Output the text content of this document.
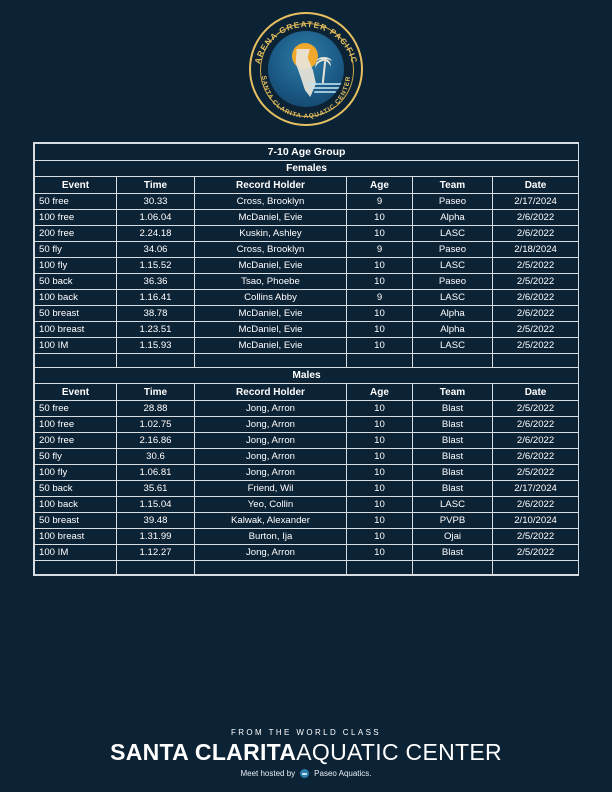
ARENA GREATER PACIFIC
SANTA CLARITA AQUATIC CENTER
7-10 Age Group					
Females					
Event	Time	Record Holder	Age	Team	Date
50 free	30.33	Cross, Brooklyn	9	Paseo	2/17/2024
100 free	1.06.04	McDaniel, Evie	10	Alpha	2/6/2022
200 free	2.24.18	Kuskin, Ashley	10	LASC	2/6/2022
50 fly	34.06	Cross, Brooklyn	9	Paseo	2/18/2024
100 fly	1.15.52	McDaniel, Evie	10	LASC	2/5/2022
50 back	36.36	Tsao, Phoebe	10	Paseo	2/5/2022
100 back	1.16.41	Collins Abby	9	LASC	2/6/2022
50 breast	38.78	McDaniel, Evie	10	Alpha	2/6/2022
100 breast	1.23.51	McDaniel, Evie	10	Alpha	2/5/2022
100 IM	1.15.93	McDaniel, Evie	10	LASC	2/5/2022

Males					
Event	Time	Record Holder	Age	Team	Date
50 free	28.88	Jong, Arron	10	Blast	2/5/2022
100 free	1.02.75	Jong, Arron	10	Blast	2/6/2022
200 free	2.16.86	Jong, Arron	10	Blast	2/6/2022
50 fly	30.6	Jong, Arron	10	Blast	2/6/2022
100 fly	1.06.81	Jong, Arron	10	Blast	2/5/2022
50 back	35.61	Friend, Wil	10	Blast	2/17/2024
100 back	1.15.04	Yeo, Collin	10	LASC	2/6/2022
50 breast	39.48	Kalwak, Alexander	10	PVPB	2/10/2024
100 breast	1.31.99	Burton, Ija	10	Ojai	2/5/2022
100 IM	1.12.27	Jong, Arron	10	Blast	2/5/2022

FROM THE WORLD CLASS
SANTA CLARITAAQUATIC CENTER
Meet hosted by Paseo Aquatics.
